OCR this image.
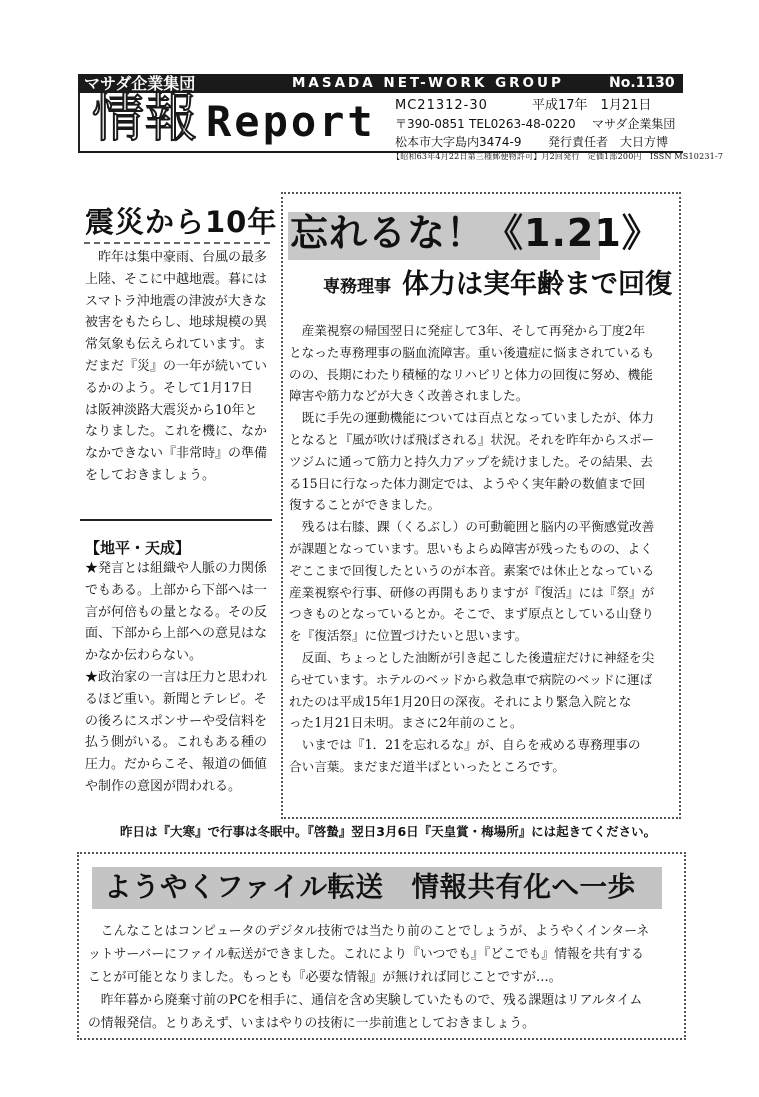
マサダ企業集団	MASADA NET-WORK GROUP	No.1130
情報 Report MC21312-30	平成17年　1月21日
〒390-0851 TEL0263-48-0220 マサダ企業集団
松本市大字島内3474-9 発行責任者　大日方博
【昭和63年4月22日第三種郵便物許可】月2回発行　定価1部200円　ISSN MS10231-7
震災から10年

　昨年は集中豪雨、台風の最多

上陸、そこに中越地震。暮には

スマトラ沖地震の津波が大きな

被害をもたらし、地球規模の異

常気象も伝えられています。ま

だまだ『災』の一年が続いてい

るかのよう。そして1月17日

は阪神淡路大震災から10年と

なりました。これを機に、なか

なかできない『非常時』の準備

をしておきましょう。

【地平・天成】

★発言とは組織や人脈の力関係

でもある。上部から下部へは一

言が何倍もの量となる。その反

面、下部から上部への意見はな

かなか伝わらない。

★政治家の一言は圧力と思われ

るほど重い。新聞とテレビ。そ

の後ろにスポンサーや受信料を

払う側がいる。これもある種の

圧力。だからこそ、報道の価値

や制作の意図が問われる。

忘れるな！《1.21》
専務理事 体力は実年齢まで回復

　産業視察の帰国翌日に発症して3年、そして再発から丁度2年

となった専務理事の脳血流障害。重い後遺症に悩まされているも

のの、長期にわたり積極的なリハビリと体力の回復に努め、機能

障害や筋力などが大きく改善されました。

　既に手先の運動機能については百点となっていましたが、体力

となると『風が吹けば飛ばされる』状況。それを昨年からスポー

ツジムに通って筋力と持久力アップを続けました。その結果、去

る15日に行なった体力測定では、ようやく実年齢の数値まで回

復することができました。

　残るは右膝、踝（くるぶし）の可動範囲と脳内の平衡感覚改善

が課題となっています。思いもよらぬ障害が残ったものの、よく

ぞここまで回復したというのが本音。素案では休止となっている

産業視察や行事、研修の再開もありますが『復活』には『祭』が

つきものとなっているとか。そこで、まず原点としている山登り

を『復活祭』に位置づけたいと思います。

　反面、ちょっとした油断が引き起こした後遺症だけに神経を尖

らせています。ホテルのベッドから救急車で病院のベッドに運ば

れたのは平成15年1月20日の深夜。それにより緊急入院とな

った1月21日未明。まさに2年前のこと。

　いまでは『1．21を忘れるな』が、自らを戒める専務理事の

合い言葉。まだまだ道半ばといったところです。

昨日は『大寒』で行事は冬眠中。『啓蟄』翌日3月6日『天皇賞・梅場所』には起きてください。
ようやくファイル転送　情報共有化へ一歩

　こんなことはコンピュータのデジタル技術では当たり前のことでしょうが、ようやくインターネ

ットサーバーにファイル転送ができました。これにより『いつでも』『どこでも』情報を共有する

ことが可能となりました。もっとも『必要な情報』が無ければ同じことですが…。

　昨年暮から廃棄寸前のPCを相手に、通信を含め実験していたもので、残る課題はリアルタイム

の情報発信。とりあえず、いまはやりの技術に一歩前進としておきましょう。
